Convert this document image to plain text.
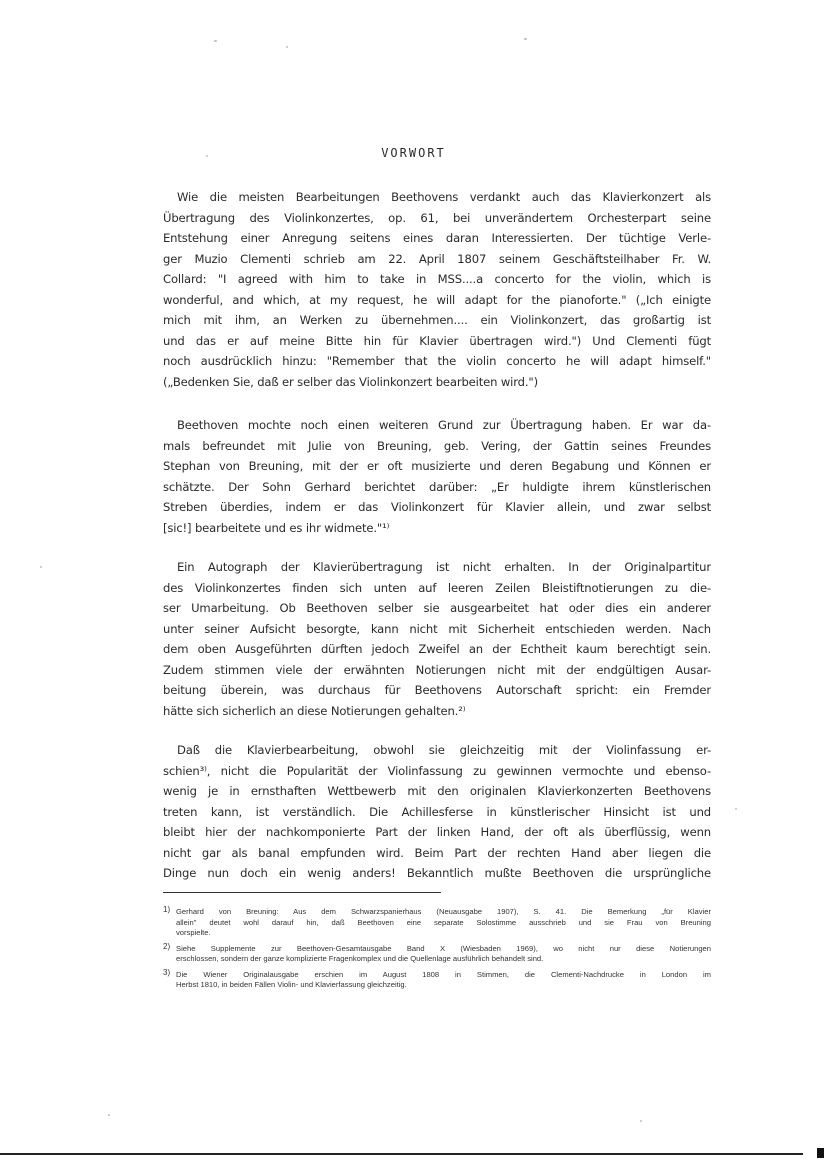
VORWORT
Wie die meisten Bearbeitungen Beethovens verdankt auch das Klavierkonzert als
Übertragung des Violinkonzertes, op. 61, bei unverändertem Orchesterpart seine
Entstehung einer Anregung seitens eines daran Interessierten. Der tüchtige Verle-
ger Muzio Clementi schrieb am 22. April 1807 seinem Geschäftsteilhaber Fr. W.
Collard: "I agreed with him to take in MSS....a concerto for the violin, which is
wonderful, and which, at my request, he will adapt for the pianoforte." („Ich einigte
mich mit ihm, an Werken zu übernehmen.... ein Violinkonzert, das großartig ist
und das er auf meine Bitte hin für Klavier übertragen wird.") Und Clementi fügt
noch ausdrücklich hinzu: "Remember that the violin concerto he will adapt himself."
(„Bedenken Sie, daß er selber das Violinkonzert bearbeiten wird.")
Beethoven mochte noch einen weiteren Grund zur Übertragung haben. Er war da-
mals befreundet mit Julie von Breuning, geb. Vering, der Gattin seines Freundes
Stephan von Breuning, mit der er oft musizierte und deren Begabung und Können er
schätzte. Der Sohn Gerhard berichtet darüber: „Er huldigte ihrem künstlerischen
Streben überdies, indem er das Violinkonzert für Klavier allein, und zwar selbst
[sic!] bearbeitete und es ihr widmete."¹⁾
Ein Autograph der Klavierübertragung ist nicht erhalten. In der Originalpartitur
des Violinkonzertes finden sich unten auf leeren Zeilen Bleistiftnotierungen zu die-
ser Umarbeitung. Ob Beethoven selber sie ausgearbeitet hat oder dies ein anderer
unter seiner Aufsicht besorgte, kann nicht mit Sicherheit entschieden werden. Nach
dem oben Ausgeführten dürften jedoch Zweifel an der Echtheit kaum berechtigt sein.
Zudem stimmen viele der erwähnten Notierungen nicht mit der endgültigen Ausar-
beitung überein, was durchaus für Beethovens Autorschaft spricht: ein Fremder
hätte sich sicherlich an diese Notierungen gehalten.²⁾
Daß die Klavierbearbeitung, obwohl sie gleichzeitig mit der Violinfassung er-
schien³⁾, nicht die Popularität der Violinfassung zu gewinnen vermochte und ebenso-
wenig je in ernsthaften Wettbewerb mit den originalen Klavierkonzerten Beethovens
treten kann, ist verständlich. Die Achillesferse in künstlerischer Hinsicht ist und
bleibt hier der nachkomponierte Part der linken Hand, der oft als überflüssig, wenn
nicht gar als banal empfunden wird. Beim Part der rechten Hand aber liegen die
Dinge nun doch ein wenig anders! Bekanntlich mußte Beethoven die ursprüngliche
1) Gerhard von Breuning: Aus dem Schwarzspanierhaus (Neuausgabe 1907), S. 41. Die Bemerkung „für Klavier
allein" deutet wohl darauf hin, daß Beethoven eine separate Solostimme ausschrieb und sie Frau von Breuning
vorspielte.
2) Siehe Supplemente zur Beethoven-Gesamtausgabe Band X (Wiesbaden 1969), wo nicht nur diese Notierungen
erschlossen, sondern der ganze komplizierte Fragenkomplex und die Quellenlage ausführlich behandelt sind.
3) Die Wiener Originalausgabe erschien im August 1808 in Stimmen, die Clementi-Nachdrucke in London im
Herbst 1810, in beiden Fällen Violin- und Klavierfassung gleichzeitig.
